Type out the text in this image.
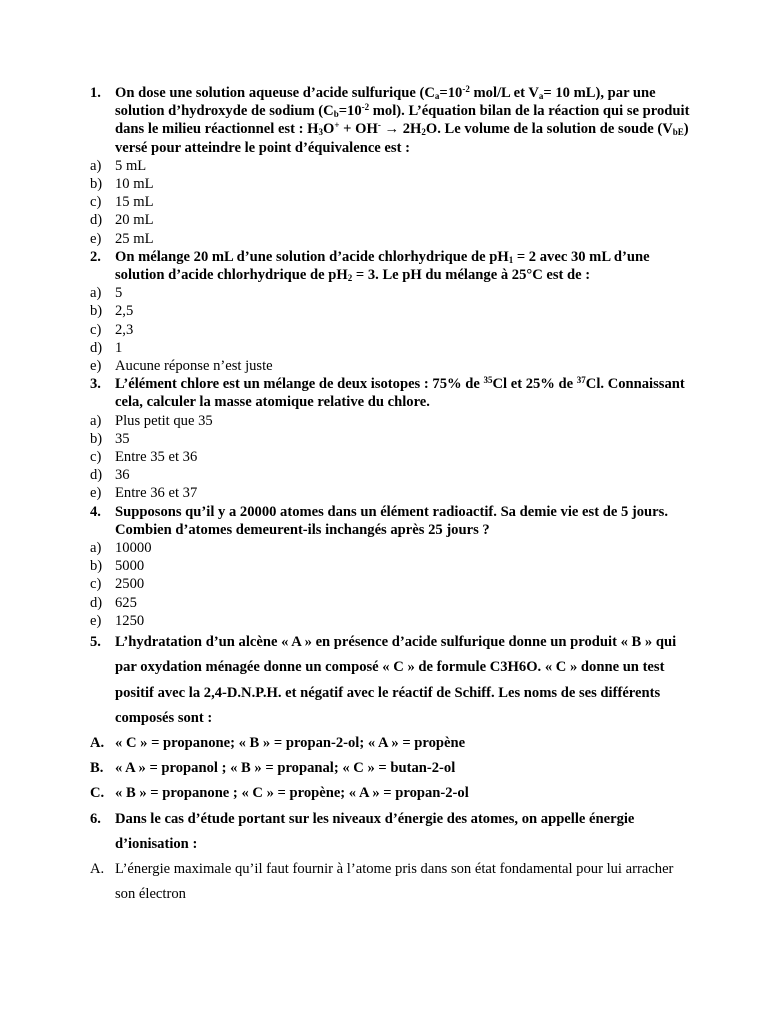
1. On dose une solution aqueuse d’acide sulfurique ($C_a=10^{-2}$ mol/L et $V_a= 10$ mL), par une solution d’hydroxyde de sodium ($C_b=10^{-2}$ mol). L’équation bilan de la réaction qui se produit dans le milieu réactionnel est : $H_3O^+ + OH^- \to 2H_2O$. Le volume de la solution de soude $(V_{bE})$ versé pour atteindre le point d’équivalence est :
a) 5 mL
b) 10 mL
c) 15 mL
d) 20 mL
e) 25 mL
2. On mélange 20 mL d’une solution d’acide chlorhydrique de $pH_1 = 2$ avec 30 mL d’une solution d’acide chlorhydrique de $pH_2 = 3$. Le pH du mélange à 25°C est de :
a) 5
b) 2,5
c) 2,3
d) 1
e) Aucune réponse n’est juste
3. L’élément chlore est un mélange de deux isotopes : 75% de $^{35}$Cl et 25% de $^{37}$Cl. Connaissant cela, calculer la masse atomique relative du chlore.
a) Plus petit que 35
b) 35
c) Entre 35 et 36
d) 36
e) Entre 36 et 37
4. Supposons qu’il y a 20000 atomes dans un élément radioactif. Sa demie vie est de 5 jours. Combien d’atomes demeurent-ils inchangés après 25 jours ?
a) 10000
b) 5000
c) 2500
d) 625
e) 1250
5. L’hydratation d’un alcène « A » en présence d’acide sulfurique donne un produit « B » qui par oxydation ménagée donne un composé « C » de formule C3H6O. « C » donne un test positif avec la 2,4-D.N.P.H. et négatif avec le réactif de Schiff. Les noms de ses différents composés sont :
A. « C » = propanone; « B » = propan-2-ol; « A » = propène
B. « A » = propanol ; « B » = propanal; « C » = butan-2-ol
C. « B » = propanone ; « C » = propène; « A » = propan-2-ol
6. Dans le cas d’étude portant sur les niveaux d’énergie des atomes, on appelle énergie d’ionisation :
A. L’énergie maximale qu’il faut fournir à l’atome pris dans son état fondamental pour lui arracher son électron
